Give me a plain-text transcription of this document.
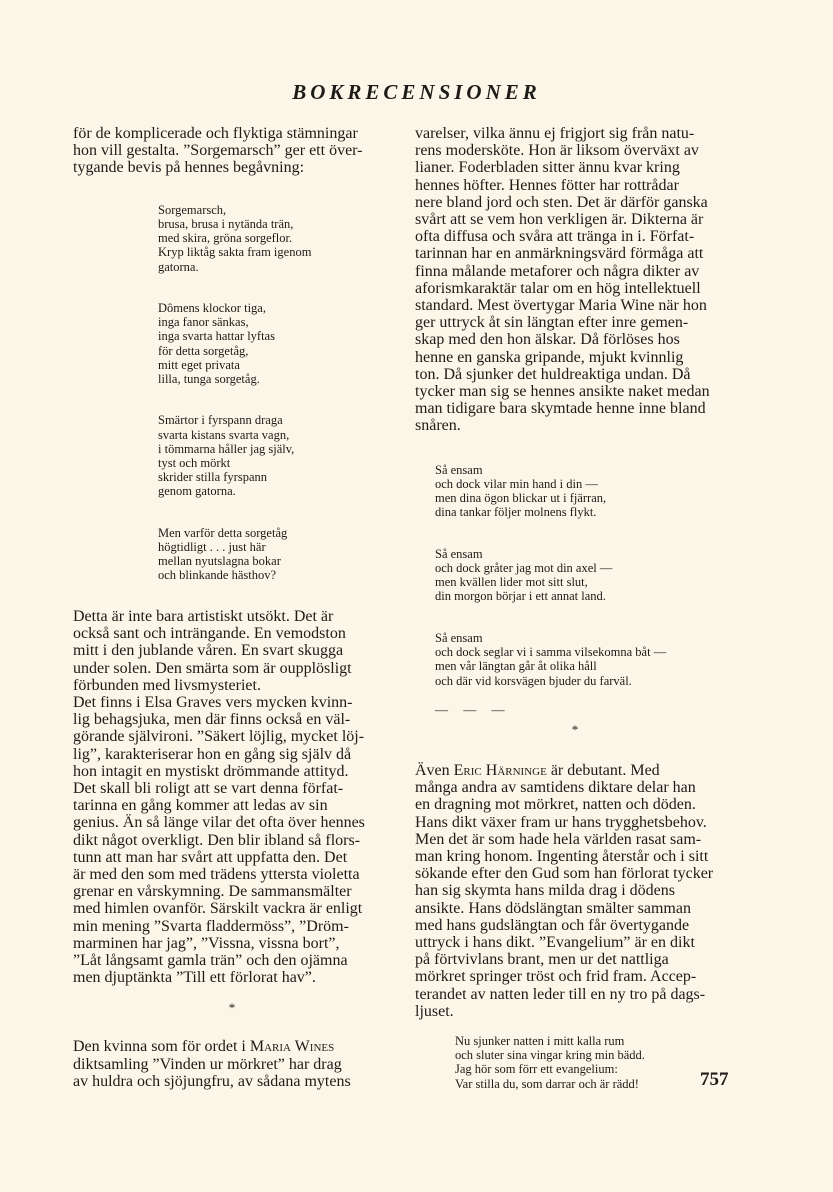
BOKRECENSIONER

för de komplicerade och flyktiga stämningar
hon vill gestalta. ”Sorgemarsch” ger ett över-
tygande bevis på hennes begåvning:

Sorgemarsch,
brusa, brusa i nytända trän,
med skira, gröna sorgeflor.
Kryp liktåg sakta fram igenom
gatorna.

Dômens klockor tiga,
inga fanor sänkas,
inga svarta hattar lyftas
för detta sorgetåg,
mitt eget privata
lilla, tunga sorgetåg.

Smärtor i fyrspann draga
svarta kistans svarta vagn,
i tömmarna håller jag själv,
tyst och mörkt
skrider stilla fyrspann
genom gatorna.

Men varför detta sorgetåg
högtidligt . . . just här
mellan nyutslagna bokar
och blinkande hästhov?

Detta är inte bara artistiskt utsökt. Det är
också sant och inträngande. En vemodston
mitt i den jublande våren. En svart skugga
under solen. Den smärta som är oupplösligt
förbunden med livsmysteriet.

Det finns i Elsa Graves vers mycken kvinn-
lig behagsjuka, men där finns också en väl-
görande självironi. ”Säkert löjlig, mycket löj-
lig”, karakteriserar hon en gång sig själv då
hon intagit en mystiskt drömmande attityd.
Det skall bli roligt att se vart denna förfat-
tarinna en gång kommer att ledas av sin
genius. Än så länge vilar det ofta över hennes
dikt något overkligt. Den blir ibland så flors-
tunn att man har svårt att uppfatta den. Det
är med den som med trädens yttersta violetta
grenar en vårskymning. De sammansmälter
med himlen ovanför. Särskilt vackra är enligt
min mening ”Svarta fladdermöss”, ”Dröm-
marminen har jag”, ”Vissna, vissna bort”,
”Låt långsamt gamla trän” och den ojämna
men djuptänkta ”Till ett förlorat hav”.

*

Den kvinna som för ordet i Maria Wines
diktsamling ”Vinden ur mörkret” har drag
av huldra och sjöjungfru, av sådana mytens

varelser, vilka ännu ej frigjort sig från natu-
rens modersköte. Hon är liksom överväxt av
lianer. Foderbladen sitter ännu kvar kring
hennes höfter. Hennes fötter har rottrådar
nere bland jord och sten. Det är därför ganska
svårt att se vem hon verkligen är. Dikterna är
ofta diffusa och svåra att tränga in i. Förfat-
tarinnan har en anmärkningsvärd förmåga att
finna målande metaforer och några dikter av
aforismkaraktär talar om en hög intellektuell
standard. Mest övertygar Maria Wine när hon
ger uttryck åt sin längtan efter inre gemen-
skap med den hon älskar. Då förlöses hos
henne en ganska gripande, mjukt kvinnlig
ton. Då sjunker det huldreaktiga undan. Då
tycker man sig se hennes ansikte naket medan
man tidigare bara skymtade henne inne bland
snåren.

Så ensam
och dock vilar min hand i din —
men dina ögon blickar ut i fjärran,
dina tankar följer molnens flykt.

Så ensam
och dock gråter jag mot din axel —
men kvällen lider mot sitt slut,
din morgon börjar i ett annat land.

Så ensam
och dock seglar vi i samma vilsekomna båt —
men vår längtan går åt olika håll
och där vid korsvägen bjuder du farväl.

— — —
*

Även Eric Härninge är debutant. Med
många andra av samtidens diktare delar han
en dragning mot mörkret, natten och döden.
Hans dikt växer fram ur hans trygghetsbehov.
Men det är som hade hela världen rasat sam-
man kring honom. Ingenting återstår och i sitt
sökande efter den Gud som han förlorat tycker
han sig skymta hans milda drag i dödens
ansikte. Hans dödslängtan smälter samman
med hans gudslängtan och får övertygande
uttryck i hans dikt. ”Evangelium” är en dikt
på förtvivlans brant, men ur det nattliga
mörkret springer tröst och frid fram. Accep-
terandet av natten leder till en ny tro på dags-
ljuset.

Nu sjunker natten i mitt kalla rum
och sluter sina vingar kring min bädd.
Jag hör som förr ett evangelium:
Var stilla du, som darrar och är rädd!	757
